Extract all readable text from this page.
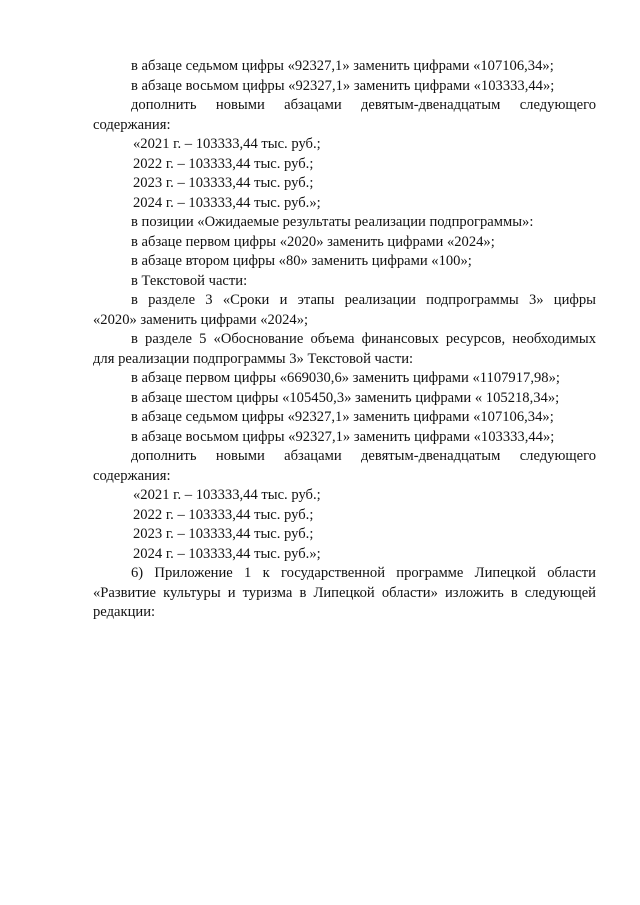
в абзаце седьмом цифры «92327,1» заменить цифрами «107106,34»;
в абзаце восьмом цифры «92327,1» заменить цифрами «103333,44»;
дополнить новыми абзацами девятым-двенадцатым следующего
содержания:
«2021 г. – 103333,44 тыс. руб.;
2022 г. – 103333,44 тыс. руб.;
2023 г. – 103333,44 тыс. руб.;
2024 г. – 103333,44 тыс. руб.»;
в позиции «Ожидаемые результаты реализации подпрограммы»:
в абзаце первом цифры «2020» заменить цифрами «2024»;
в абзаце втором цифры «80» заменить цифрами «100»;
в Текстовой части:
в разделе 3 «Сроки и этапы реализации подпрограммы 3» цифры
«2020» заменить цифрами «2024»;
в разделе 5 «Обоснование объема финансовых ресурсов, необходимых
для реализации подпрограммы 3» Текстовой части:
в абзаце первом цифры «669030,6» заменить цифрами «1107917,98»;
в абзаце шестом цифры «105450,3» заменить цифрами « 105218,34»;
в абзаце седьмом цифры «92327,1» заменить цифрами «107106,34»;
в абзаце восьмом цифры «92327,1» заменить цифрами «103333,44»;
дополнить новыми абзацами девятым-двенадцатым следующего
содержания:
«2021 г. – 103333,44 тыс. руб.;
2022 г. – 103333,44 тыс. руб.;
2023 г. – 103333,44 тыс. руб.;
2024 г. – 103333,44 тыс. руб.»;
6) Приложение 1 к государственной программе Липецкой области
«Развитие культуры и туризма в Липецкой области» изложить в следующей
редакции:
